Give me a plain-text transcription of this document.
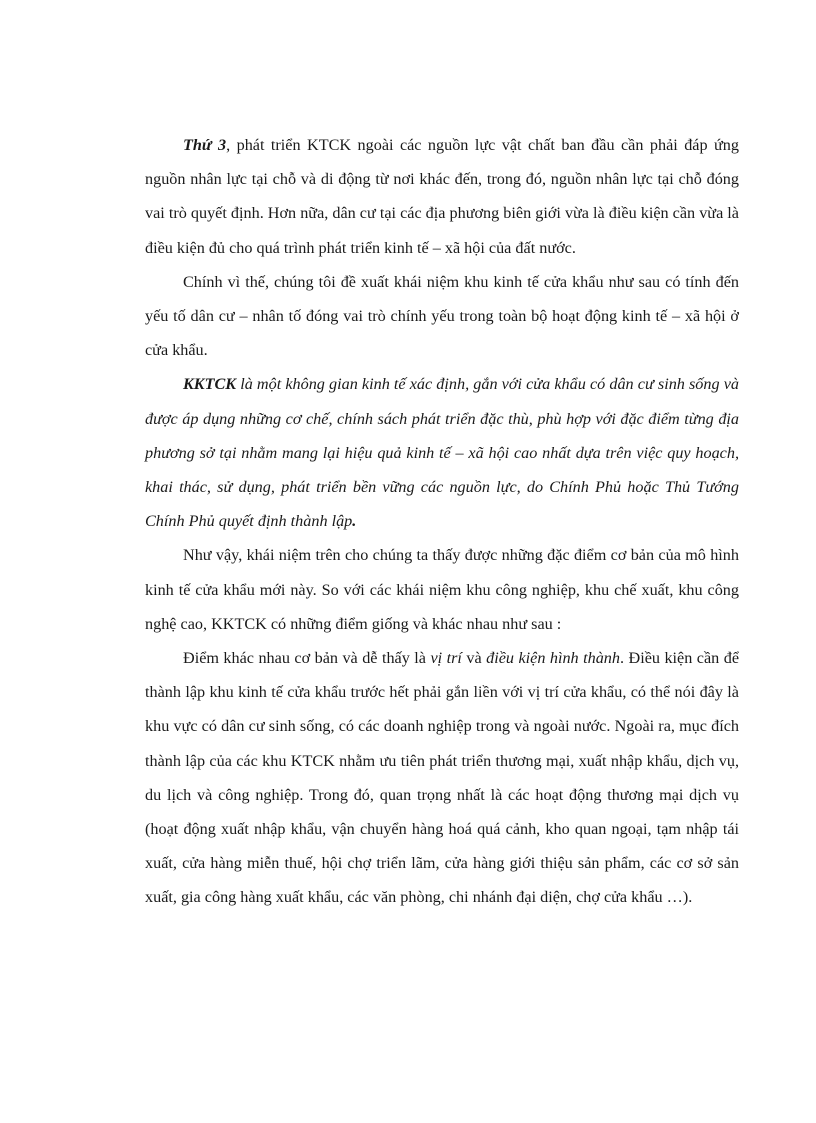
Thứ 3, phát triển KTCK ngoài các nguồn lực vật chất ban đầu cần phải đáp ứng nguồn nhân lực tại chỗ và di động từ nơi khác đến, trong đó, nguồn nhân lực tại chỗ đóng vai trò quyết định. Hơn nữa, dân cư tại các địa phương biên giới vừa là điều kiện cần vừa là điều kiện đủ cho quá trình phát triển kinh tế – xã hội của đất nước.

Chính vì thế, chúng tôi đề xuất khái niệm khu kinh tế cửa khẩu như sau có tính đến yếu tố dân cư – nhân tố đóng vai trò chính yếu trong toàn bộ hoạt động kinh tế – xã hội ở cửa khẩu.

KKTCK là một không gian kinh tế xác định, gắn với cửa khẩu có dân cư sinh sống và được áp dụng những cơ chế, chính sách phát triển đặc thù, phù hợp với đặc điểm từng địa phương sở tại nhằm mang lại hiệu quả kinh tế – xã hội cao nhất dựa trên việc quy hoạch, khai thác, sử dụng, phát triển bền vững các nguồn lực, do Chính Phủ hoặc Thủ Tướng Chính Phủ quyết định thành lập.

Như vậy, khái niệm trên cho chúng ta thấy được những đặc điểm cơ bản của mô hình kinh tế cửa khẩu mới này. So với các khái niệm khu công nghiệp, khu chế xuất, khu công nghệ cao, KKTCK có những điểm giống và khác nhau như sau :

Điểm khác nhau cơ bản và dễ thấy là vị trí và điều kiện hình thành. Điều kiện cần để thành lập khu kinh tế cửa khẩu trước hết phải gắn liền với vị trí cửa khẩu, có thể nói đây là khu vực có dân cư sinh sống, có các doanh nghiệp trong và ngoài nước. Ngoài ra, mục đích thành lập của các khu KTCK nhằm ưu tiên phát triển thương mại, xuất nhập khẩu, dịch vụ, du lịch và công nghiệp. Trong đó, quan trọng nhất là các hoạt động thương mại dịch vụ (hoạt động xuất nhập khẩu, vận chuyển hàng hoá quá cảnh, kho quan ngoại, tạm nhập tái xuất, cửa hàng miễn thuế, hội chợ triển lãm, cửa hàng giới thiệu sản phẩm, các cơ sở sản xuất, gia công hàng xuất khẩu, các văn phòng, chi nhánh đại diện, chợ cửa khẩu …).
